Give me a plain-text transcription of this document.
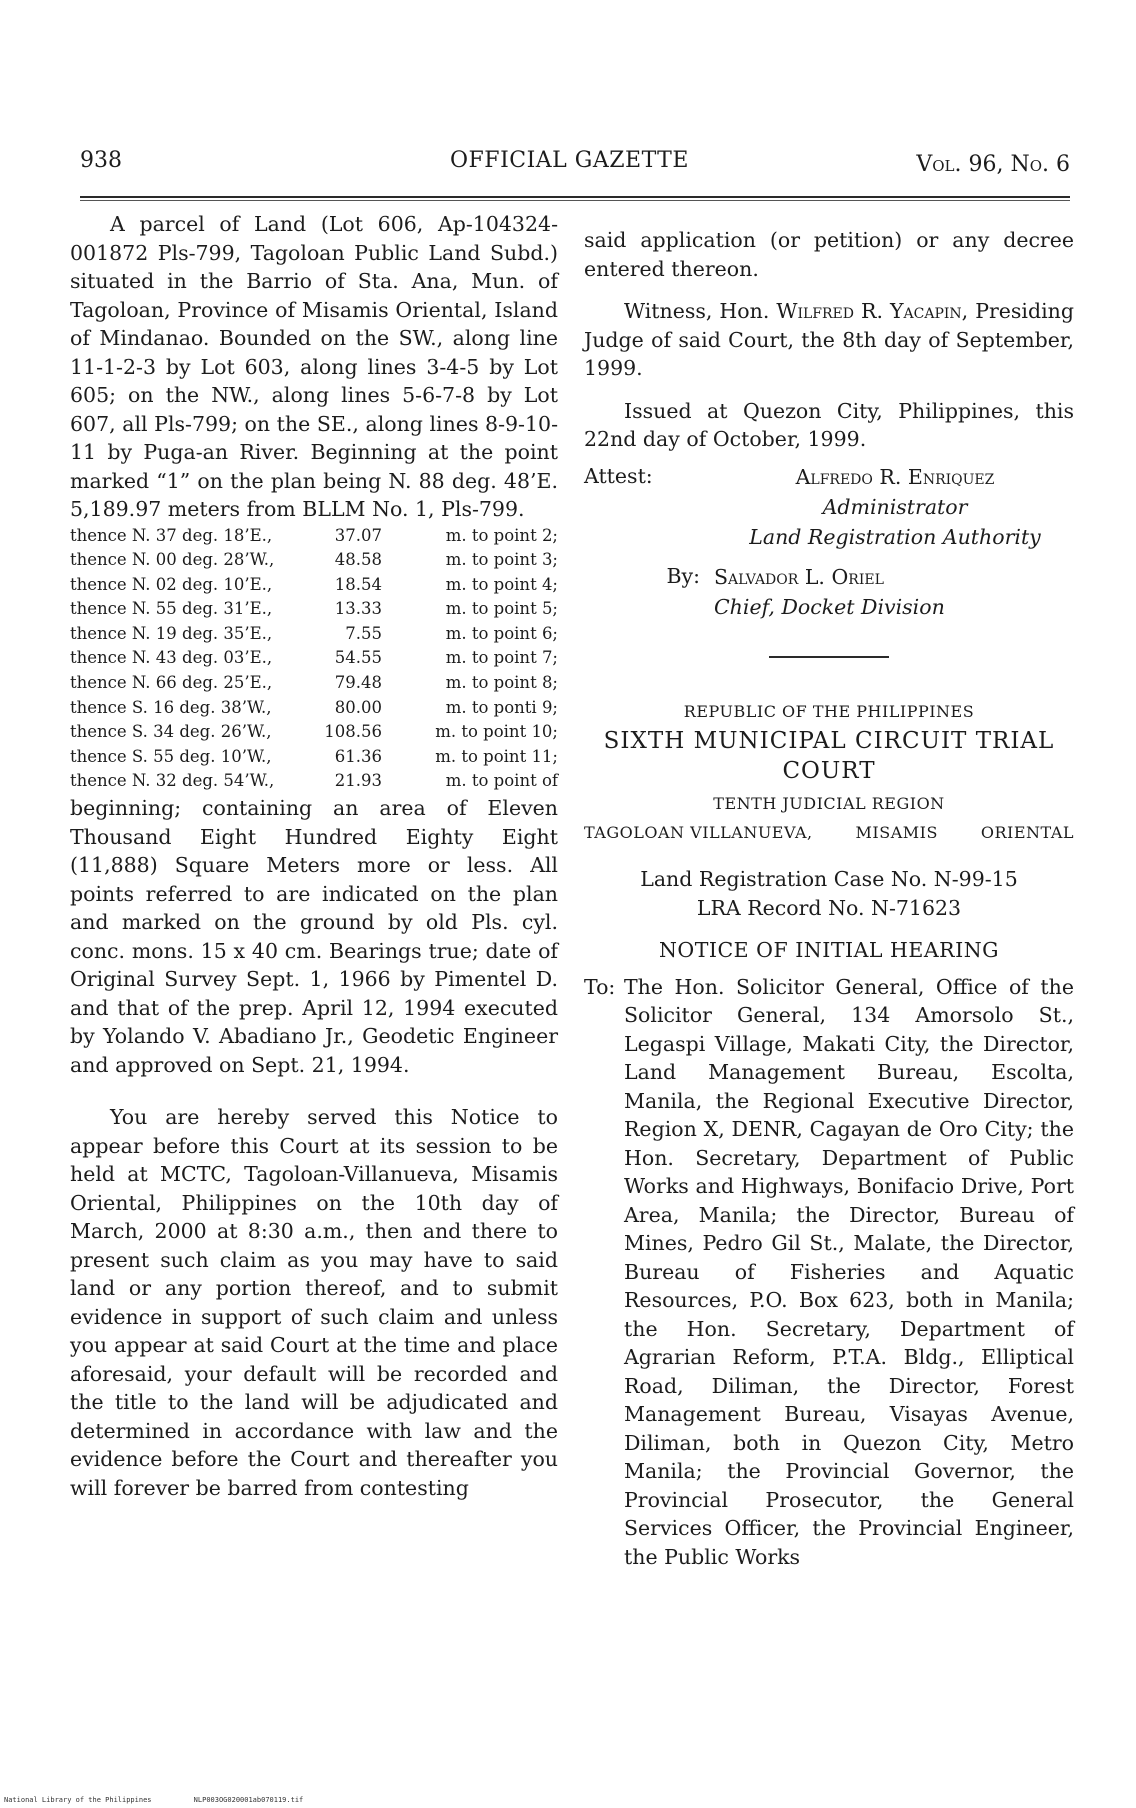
938	OFFICIAL GAZETTE	Vol. 96, No. 6

A parcel of Land (Lot 606, Ap-104324-001872 Pls-799, Tagoloan Public Land Subd.) situated in the Barrio of Sta. Ana, Mun. of Tagoloan, Province of Misamis Oriental, Island of Mindanao. Bounded on the SW., along line 11-1-2-3 by Lot 603, along lines 3-4-5 by Lot 605; on the NW., along lines 5-6-7-8 by Lot 607, all Pls-799; on the SE., along lines 8-9-10-11 by Puga-an River. Beginning at the point marked “1” on the plan being N. 88 deg. 48’E. 5,189.97 meters from BLLM No. 1, Pls-799.

thence N. 37 deg. 18’E.,	37.07	m. to point 2;
thence N. 00 deg. 28’W.,	48.58	m. to point 3;
thence N. 02 deg. 10’E.,	18.54	m. to point 4;
thence N. 55 deg. 31’E.,	13.33	m. to point 5;
thence N. 19 deg. 35’E.,	7.55	m. to point 6;
thence N. 43 deg. 03’E.,	54.55	m. to point 7;
thence N. 66 deg. 25’E.,	79.48	m. to point 8;
thence S. 16 deg. 38’W.,	80.00	m. to ponti 9;
thence S. 34 deg. 26’W.,	108.56	m. to point 10;
thence S. 55 deg. 10’W.,	61.36	m. to point 11;
thence N. 32 deg. 54’W.,	21.93	m. to point of

beginning; containing an area of Eleven Thousand Eight Hundred Eighty Eight (11,888) Square Meters more or less. All points referred to are indicated on the plan and marked on the ground by old Pls. cyl. conc. mons. 15 x 40 cm. Bearings true; date of Original Survey Sept. 1, 1966 by Pimentel D. and that of the prep. April 12, 1994 executed by Yolando V. Abadiano Jr., Geodetic Engineer and approved on Sept. 21, 1994.

You are hereby served this Notice to appear before this Court at its session to be held at MCTC, Tagoloan-Villanueva, Misamis Oriental, Philippines on the 10th day of March, 2000 at 8:30 a.m., then and there to present such claim as you may have to said land or any portion thereof, and to submit evidence in support of such claim and unless you appear at said Court at the time and place aforesaid, your default will be recorded and the title to the land will be adjudicated and determined in accordance with law and the evidence before the Court and thereafter you will forever be barred from contesting

said application (or petition) or any decree entered thereon.

Witness, Hon. Wilfred R. Yacapin, Presiding Judge of said Court, the 8th day of September, 1999.

Issued at Quezon City, Philippines, this 22nd day of October, 1999.

Attest:	Alfredo R. Enriquez
Administrator
Land Registration Authority
By: Salvador L. Oriel
Chief, Docket Division
REPUBLIC OF THE PHILIPPINES
SIXTH MUNICIPAL CIRCUIT TRIAL COURT
TENTH JUDICIAL REGION
TAGOLOAN VILLANUEVA,	MISAMIS	ORIENTAL
Land Registration Case No. N-99-15
LRA Record No. N-71623
NOTICE OF INITIAL HEARING
To: The Hon. Solicitor General, Office of the Solicitor General, 134 Amorsolo St., Legaspi Village, Makati City, the Director, Land Management Bureau, Escolta, Manila, the Regional Executive Director, Region X, DENR, Cagayan de Oro City; the Hon. Secretary, Department of Public Works and Highways, Bonifacio Drive, Port Area, Manila; the Director, Bureau of Mines, Pedro Gil St., Malate, the Director, Bureau of Fisheries and Aquatic Resources, P.O. Box 623, both in Manila; the Hon. Secretary, Department of Agrarian Reform, P.T.A. Bldg., Elliptical Road, Diliman, the Director, Forest Management Bureau, Visayas Avenue, Diliman, both in Quezon City, Metro Manila; the Provincial Governor, the Provincial Prosecutor, the General Services Officer, the Provincial Engineer, the Public Works
National Library of the Philippines	NLP003OG020001ab070119.tif
